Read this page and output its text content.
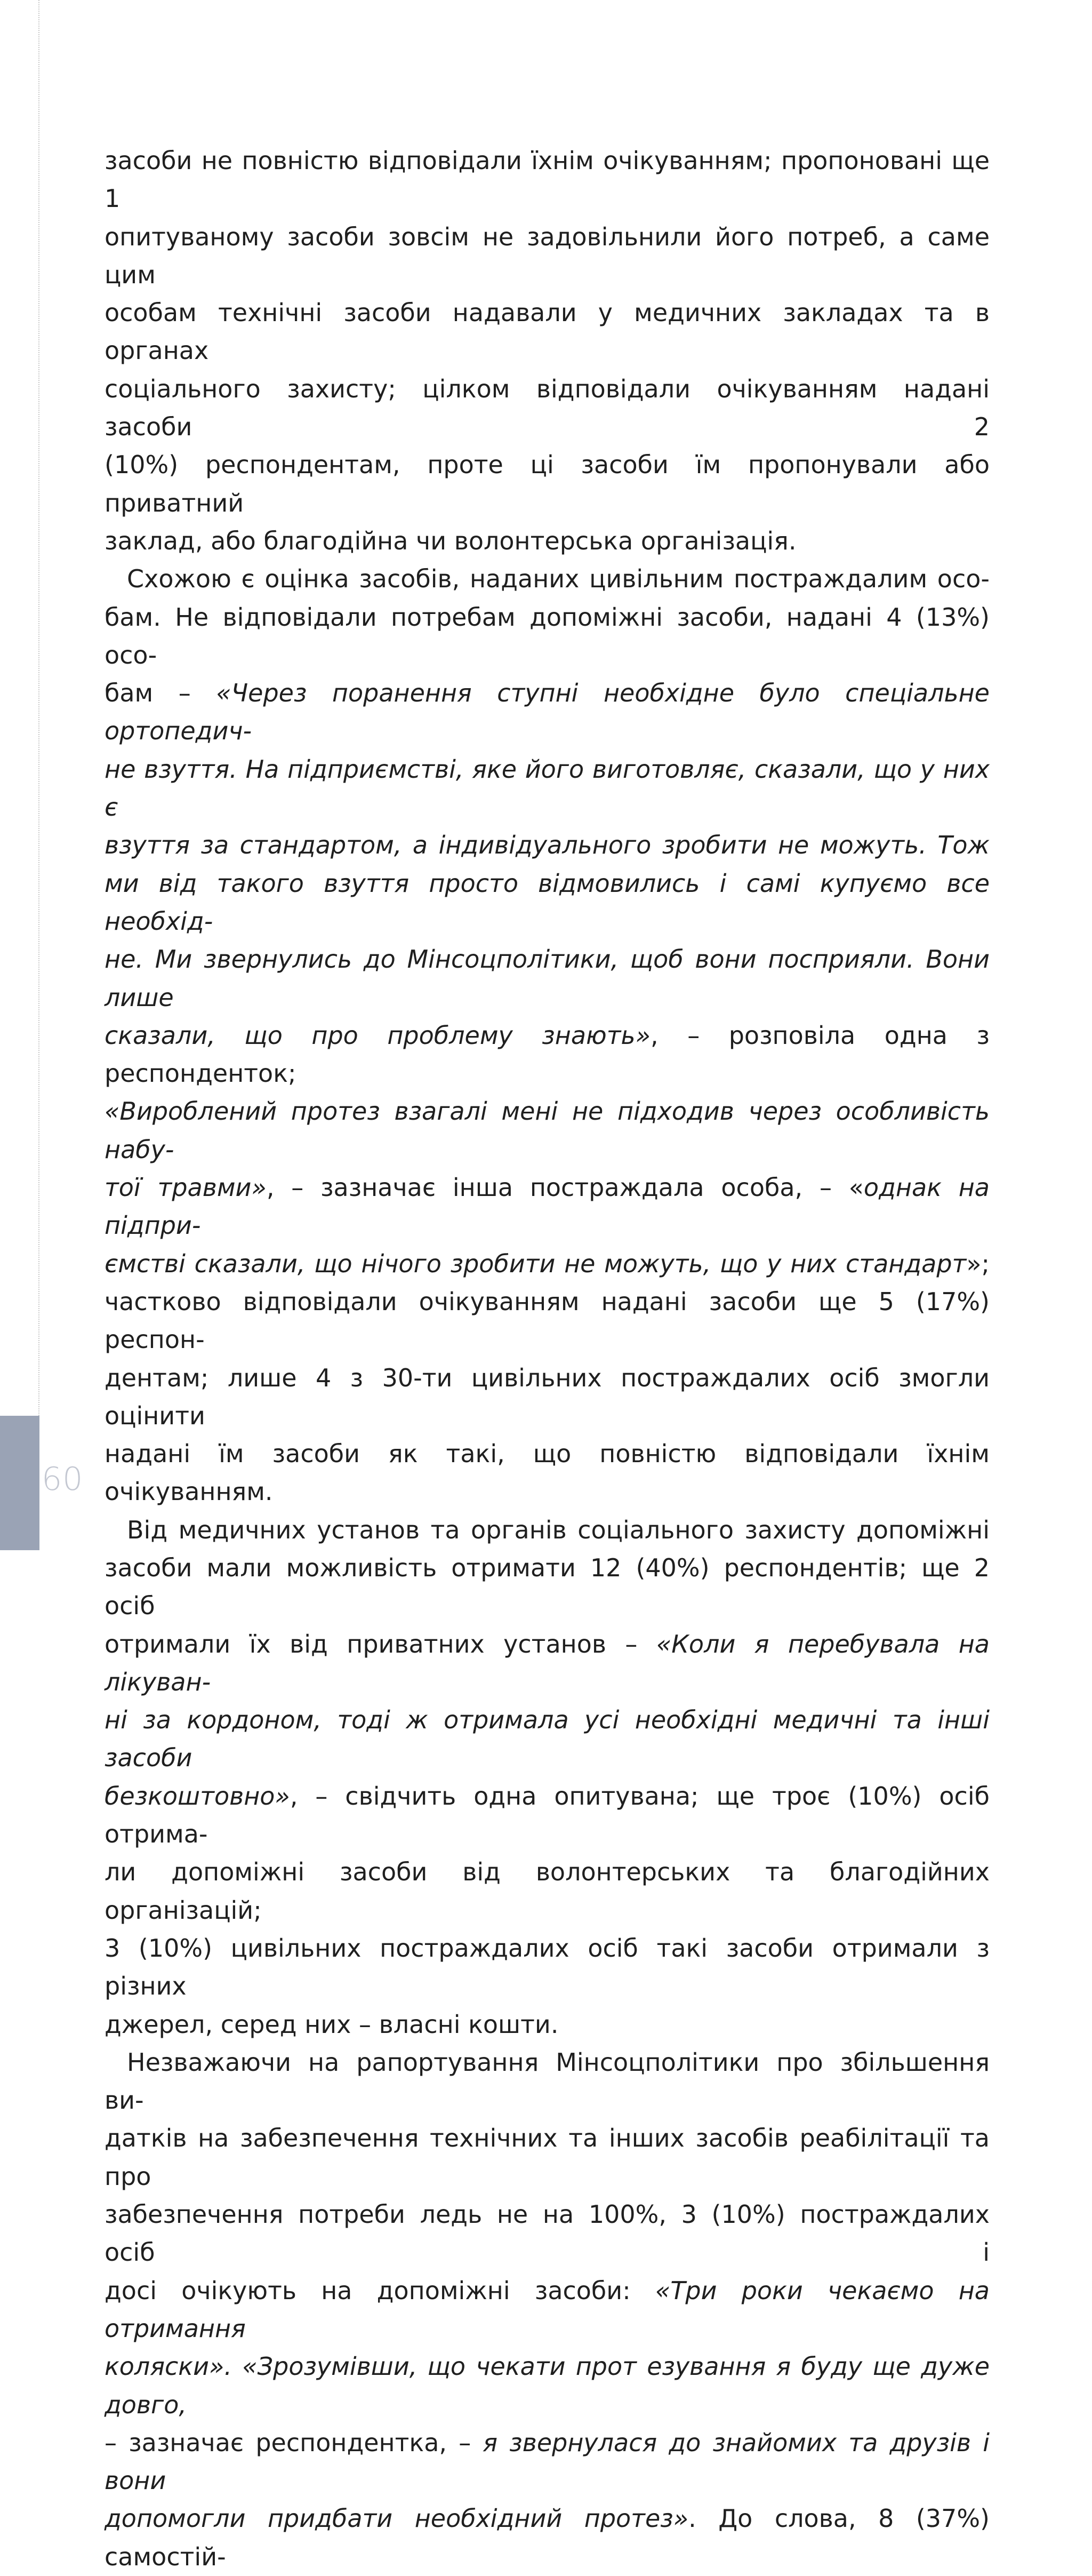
засоби не повністю відповідали їхнім очікуванням; пропоновані ще 1
опитуваному засоби зовсім не задовільнили його потреб, а саме цим
особам технічні засоби надавали у медичних закладах та в органах
соціального захисту; цілком відповідали очікуванням надані засоби 2
(10%) респондентам, проте ці засоби їм пропонували або приватний
заклад, або благодійна чи волонтерська організація.

Схожою є оцінка засобів, наданих цивільним постраждалим осо-
бам. Не відповідали потребам допоміжні засоби, надані 4 (13%) осо-
бам – «Через поранення ступні необхідне було спеціальне ортопедич-
не взуття. На підприємстві, яке його виготовляє, сказали, що у них є
взуття за стандартом, а індивідуального зробити не можуть. Тож
ми від такого взуття просто відмовились і самі купуємо все необхід-
не. Ми звернулись до Мінсоцполітики, щоб вони посприяли. Вони лише
сказали, що про проблему знають», – розповіла одна з респонденток;
«Вироблений протез взагалі мені не підходив через особливість набу-
тої травми», – зазначає інша постраждала особа, – «однак на підпри-
ємстві сказали, що нічого зробити не можуть, що у них стандарт»;
частково відповідали очікуванням надані засоби ще 5 (17%) респон-
дентам; лише 4 з 30-ти цивільних постраждалих осіб змогли оцінити
надані їм засоби як такі, що повністю відповідали їхнім очікуванням.

Від медичних установ та органів соціального захисту допоміжні
засоби мали можливість отримати 12 (40%) респондентів; ще 2 осіб
отримали їх від приватних установ – «Коли я перебувала на лікуван-
ні за кордоном, тоді ж отримала усі необхідні медичні та інші засоби
безкоштовно», – свідчить одна опитувана; ще троє (10%) осіб отрима-
ли допоміжні засоби від волонтерських та благодійних організацій;
3 (10%) цивільних постраждалих осіб такі засоби отримали з різних
джерел, серед них – власні кошти.

Незважаючи на рапортування Мінсоцполітики про збільшення ви-
датків на забезпечення технічних та інших засобів реабілітації та про
забезпечення потреби ледь не на 100%, 3 (10%) постраждалих осіб і
досі очікують на допоміжні засоби: «Три роки чекаємо на отримання
коляски». «Зрозумівши, що чекати прот езування я буду ще дуже довго,
– зазначає респондентка, – я звернулася до знайомих та друзів і вони
допомогли придбати необхідний протез». До слова, 8 (37%) самостій-

60
